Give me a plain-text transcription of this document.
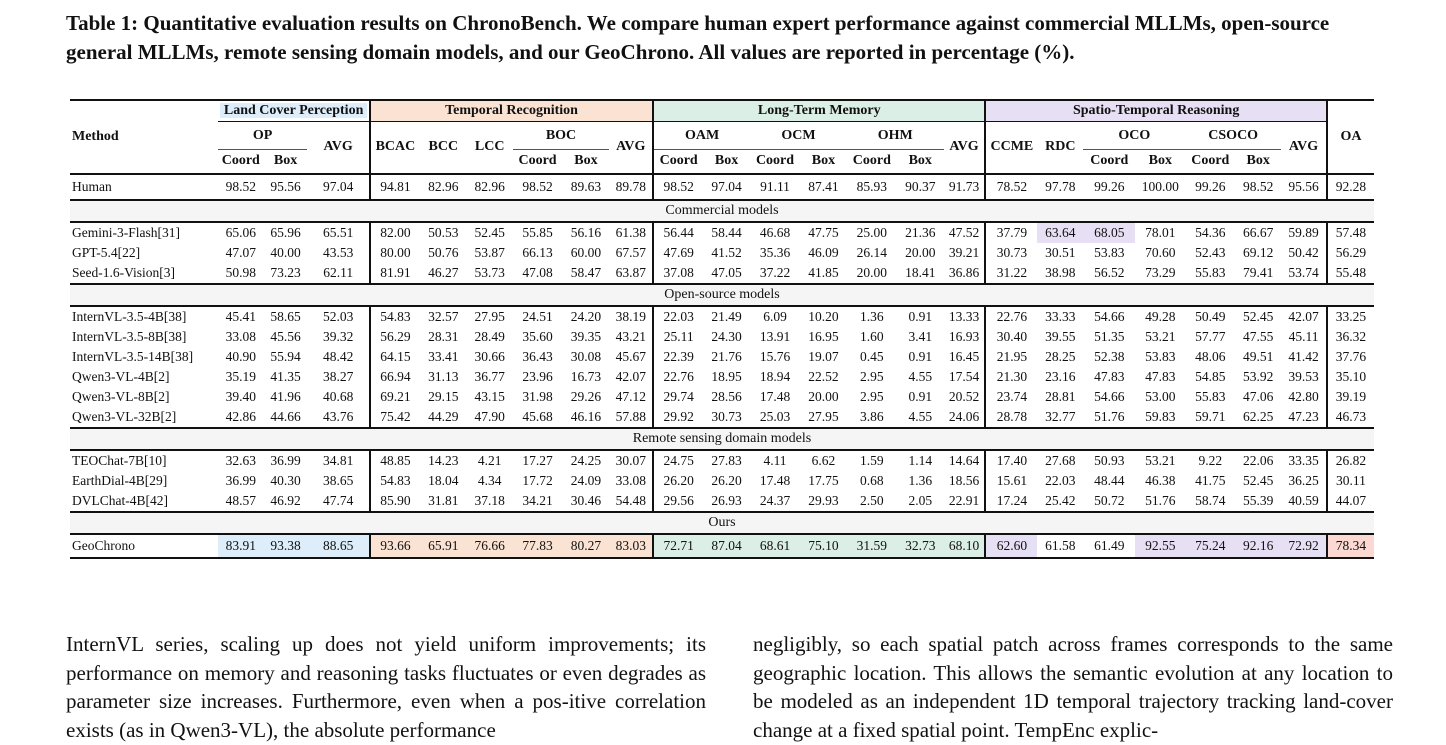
Table 1: Quantitative evaluation results on ChronoBench. We compare human expert performance against commercial MLLMs, open-source general MLLMs, remote sensing domain models, and our GeoChrono. All values are reported in percentage (%).
Method	Land Cover Perception			Temporal Recognition						Long-Term Memory							Spatio-Temporal Reasoning							OA
	OP		AVG	BCAC	BCC	LCC	BOC		AVG	OAM		OCM		OHM		AVG	CCME	RDC	OCO		CSOCO		AVG	
	Coord	Box					Coord	Box		Coord	Box	Coord	Box	Coord	Box				Coord	Box	Coord	Box		
Human	98.52	95.56	97.04	94.81	82.96	82.96	98.52	89.63	89.78	98.52	97.04	91.11	87.41	85.93	90.37	91.73	78.52	97.78	99.26	100.00	99.26	98.52	95.56	92.28
Commercial models																								
Gemini-3-Flash[31]	65.06	65.96	65.51	82.00	50.53	52.45	55.85	56.16	61.38	56.44	58.44	46.68	47.75	25.00	21.36	47.52	37.79	63.64	68.05	78.01	54.36	66.67	59.89	57.48
GPT-5.4[22]	47.07	40.00	43.53	80.00	50.76	53.87	66.13	60.00	67.57	47.69	41.52	35.36	46.09	26.14	20.00	39.21	30.73	30.51	53.83	70.60	52.43	69.12	50.42	56.29
Seed-1.6-Vision[3]	50.98	73.23	62.11	81.91	46.27	53.73	47.08	58.47	63.87	37.08	47.05	37.22	41.85	20.00	18.41	36.86	31.22	38.98	56.52	73.29	55.83	79.41	53.74	55.48
Open-source models																								
InternVL-3.5-4B[38]	45.41	58.65	52.03	54.83	32.57	27.95	24.51	24.20	38.19	22.03	21.49	6.09	10.20	1.36	0.91	13.33	22.76	33.33	54.66	49.28	50.49	52.45	42.07	33.25
InternVL-3.5-8B[38]	33.08	45.56	39.32	56.29	28.31	28.49	35.60	39.35	43.21	25.11	24.30	13.91	16.95	1.60	3.41	16.93	30.40	39.55	51.35	53.21	57.77	47.55	45.11	36.32
InternVL-3.5-14B[38]	40.90	55.94	48.42	64.15	33.41	30.66	36.43	30.08	45.67	22.39	21.76	15.76	19.07	0.45	0.91	16.45	21.95	28.25	52.38	53.83	48.06	49.51	41.42	37.76
Qwen3-VL-4B[2]	35.19	41.35	38.27	66.94	31.13	36.77	23.96	16.73	42.07	22.76	18.95	18.94	22.52	2.95	4.55	17.54	21.30	23.16	47.83	47.83	54.85	53.92	39.53	35.10
Qwen3-VL-8B[2]	39.40	41.96	40.68	69.21	29.15	43.15	31.98	29.26	47.12	29.74	28.56	17.48	20.00	2.95	0.91	20.52	23.74	28.81	54.66	53.00	55.83	47.06	42.80	39.19
Qwen3-VL-32B[2]	42.86	44.66	43.76	75.42	44.29	47.90	45.68	46.16	57.88	29.92	30.73	25.03	27.95	3.86	4.55	24.06	28.78	32.77	51.76	59.83	59.71	62.25	47.23	46.73
Remote sensing domain models																								
TEOChat-7B[10]	32.63	36.99	34.81	48.85	14.23	4.21	17.27	24.25	30.07	24.75	27.83	4.11	6.62	1.59	1.14	14.64	17.40	27.68	50.93	53.21	9.22	22.06	33.35	26.82
EarthDial-4B[29]	36.99	40.30	38.65	54.83	18.04	4.34	17.72	24.09	33.08	26.20	26.20	17.48	17.75	0.68	1.36	18.56	15.61	22.03	48.44	46.38	41.75	52.45	36.25	30.11
DVLChat-4B[42]	48.57	46.92	47.74	85.90	31.81	37.18	34.21	30.46	54.48	29.56	26.93	24.37	29.93	2.50	2.05	22.91	17.24	25.42	50.72	51.76	58.74	55.39	40.59	44.07
Ours																								
GeoChrono	83.91	93.38	88.65	93.66	65.91	76.66	77.83	80.27	83.03	72.71	87.04	68.61	75.10	31.59	32.73	68.10	62.60	61.58	61.49	92.55	75.24	92.16	72.92	78.34

InternVL series, scaling up does not yield uniform improvements; its performance on memory and reasoning tasks fluctuates or even degrades as parameter size increases. Furthermore, even when a pos-itive correlation exists (as in Qwen3-VL), the absolute performance

negligibly, so each spatial patch across frames corresponds to the same geographic location. This allows the semantic evolution at any location to be modeled as an independent 1D temporal trajectory tracking land-cover change at a fixed spatial point. TempEnc explic-
